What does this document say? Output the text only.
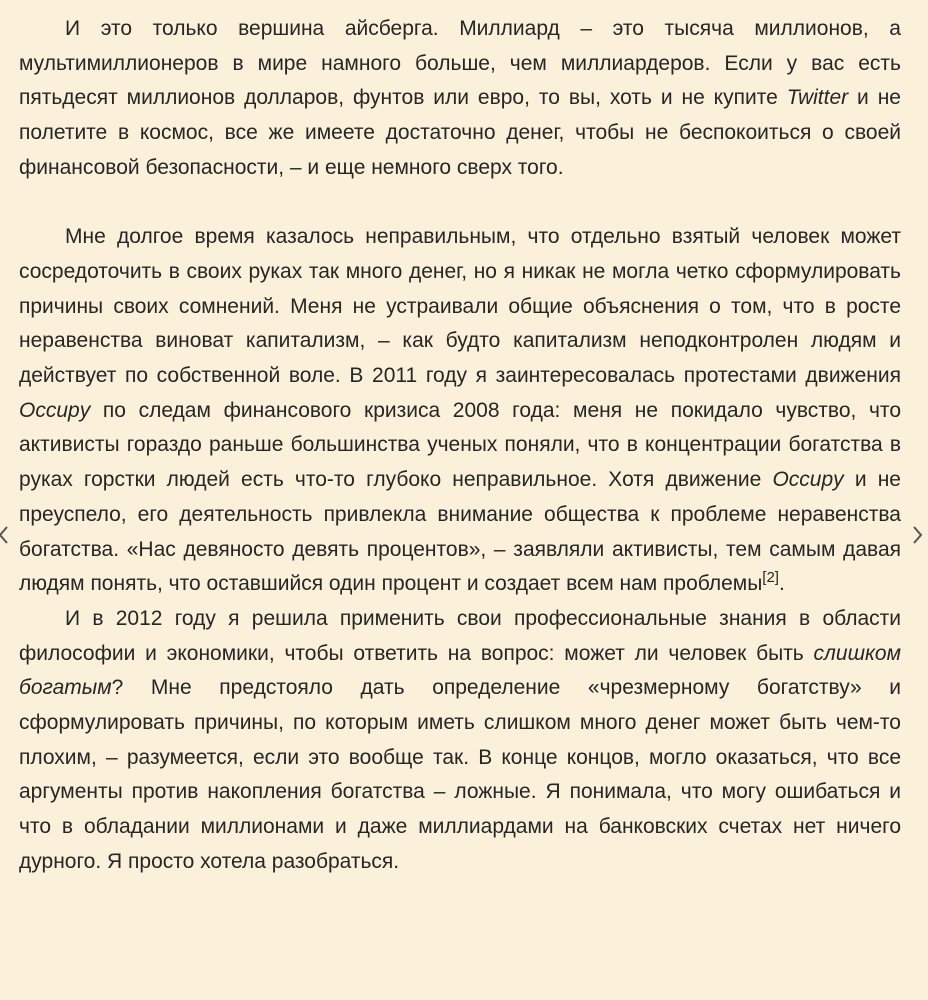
И это только вершина айсберга. Миллиард – это тысяча миллионов, а мультимиллионеров в мире намного больше, чем миллиардеров. Если у вас есть пятьдесят миллионов долларов, фунтов или евро, то вы, хоть и не купите Twitter и не полетите в космос, все же имеете достаточно денег, чтобы не беспокоиться о своей финансовой безопасности, – и еще немного сверх того.

Мне долгое время казалось неправильным, что отдельно взятый человек может сосредоточить в своих руках так много денег, но я никак не могла четко сформулировать причины своих сомнений. Меня не устраивали общие объяснения о том, что в росте неравенства виноват капитализм, – как будто капитализм неподконтролен людям и действует по собственной воле. В 2011 году я заинтересовалась протестами движения Occupy по следам финансового кризиса 2008 года: меня не покидало чувство, что активисты гораздо раньше большинства ученых поняли, что в концентрации богатства в руках горстки людей есть что-то глубоко неправильное. Хотя движение Occupy и не преуспело, его деятельность привлекла внимание общества к проблеме неравенства богатства. «Нас девяносто девять процентов», – заявляли активисты, тем самым давая людям понять, что оставшийся один процент и создает всем нам проблемы[2].

И в 2012 году я решила применить свои профессиональные знания в области философии и экономики, чтобы ответить на вопрос: может ли человек быть слишком богатым? Мне предстояло дать определение «чрезмерному богатству» и сформулировать причины, по которым иметь слишком много денег может быть чем-то плохим, – разумеется, если это вообще так. В конце концов, могло оказаться, что все аргументы против накопления богатства – ложные. Я понимала, что могу ошибаться и что в обладании миллионами и даже миллиардами на банковских счетах нет ничего дурного. Я просто хотела разобраться.
